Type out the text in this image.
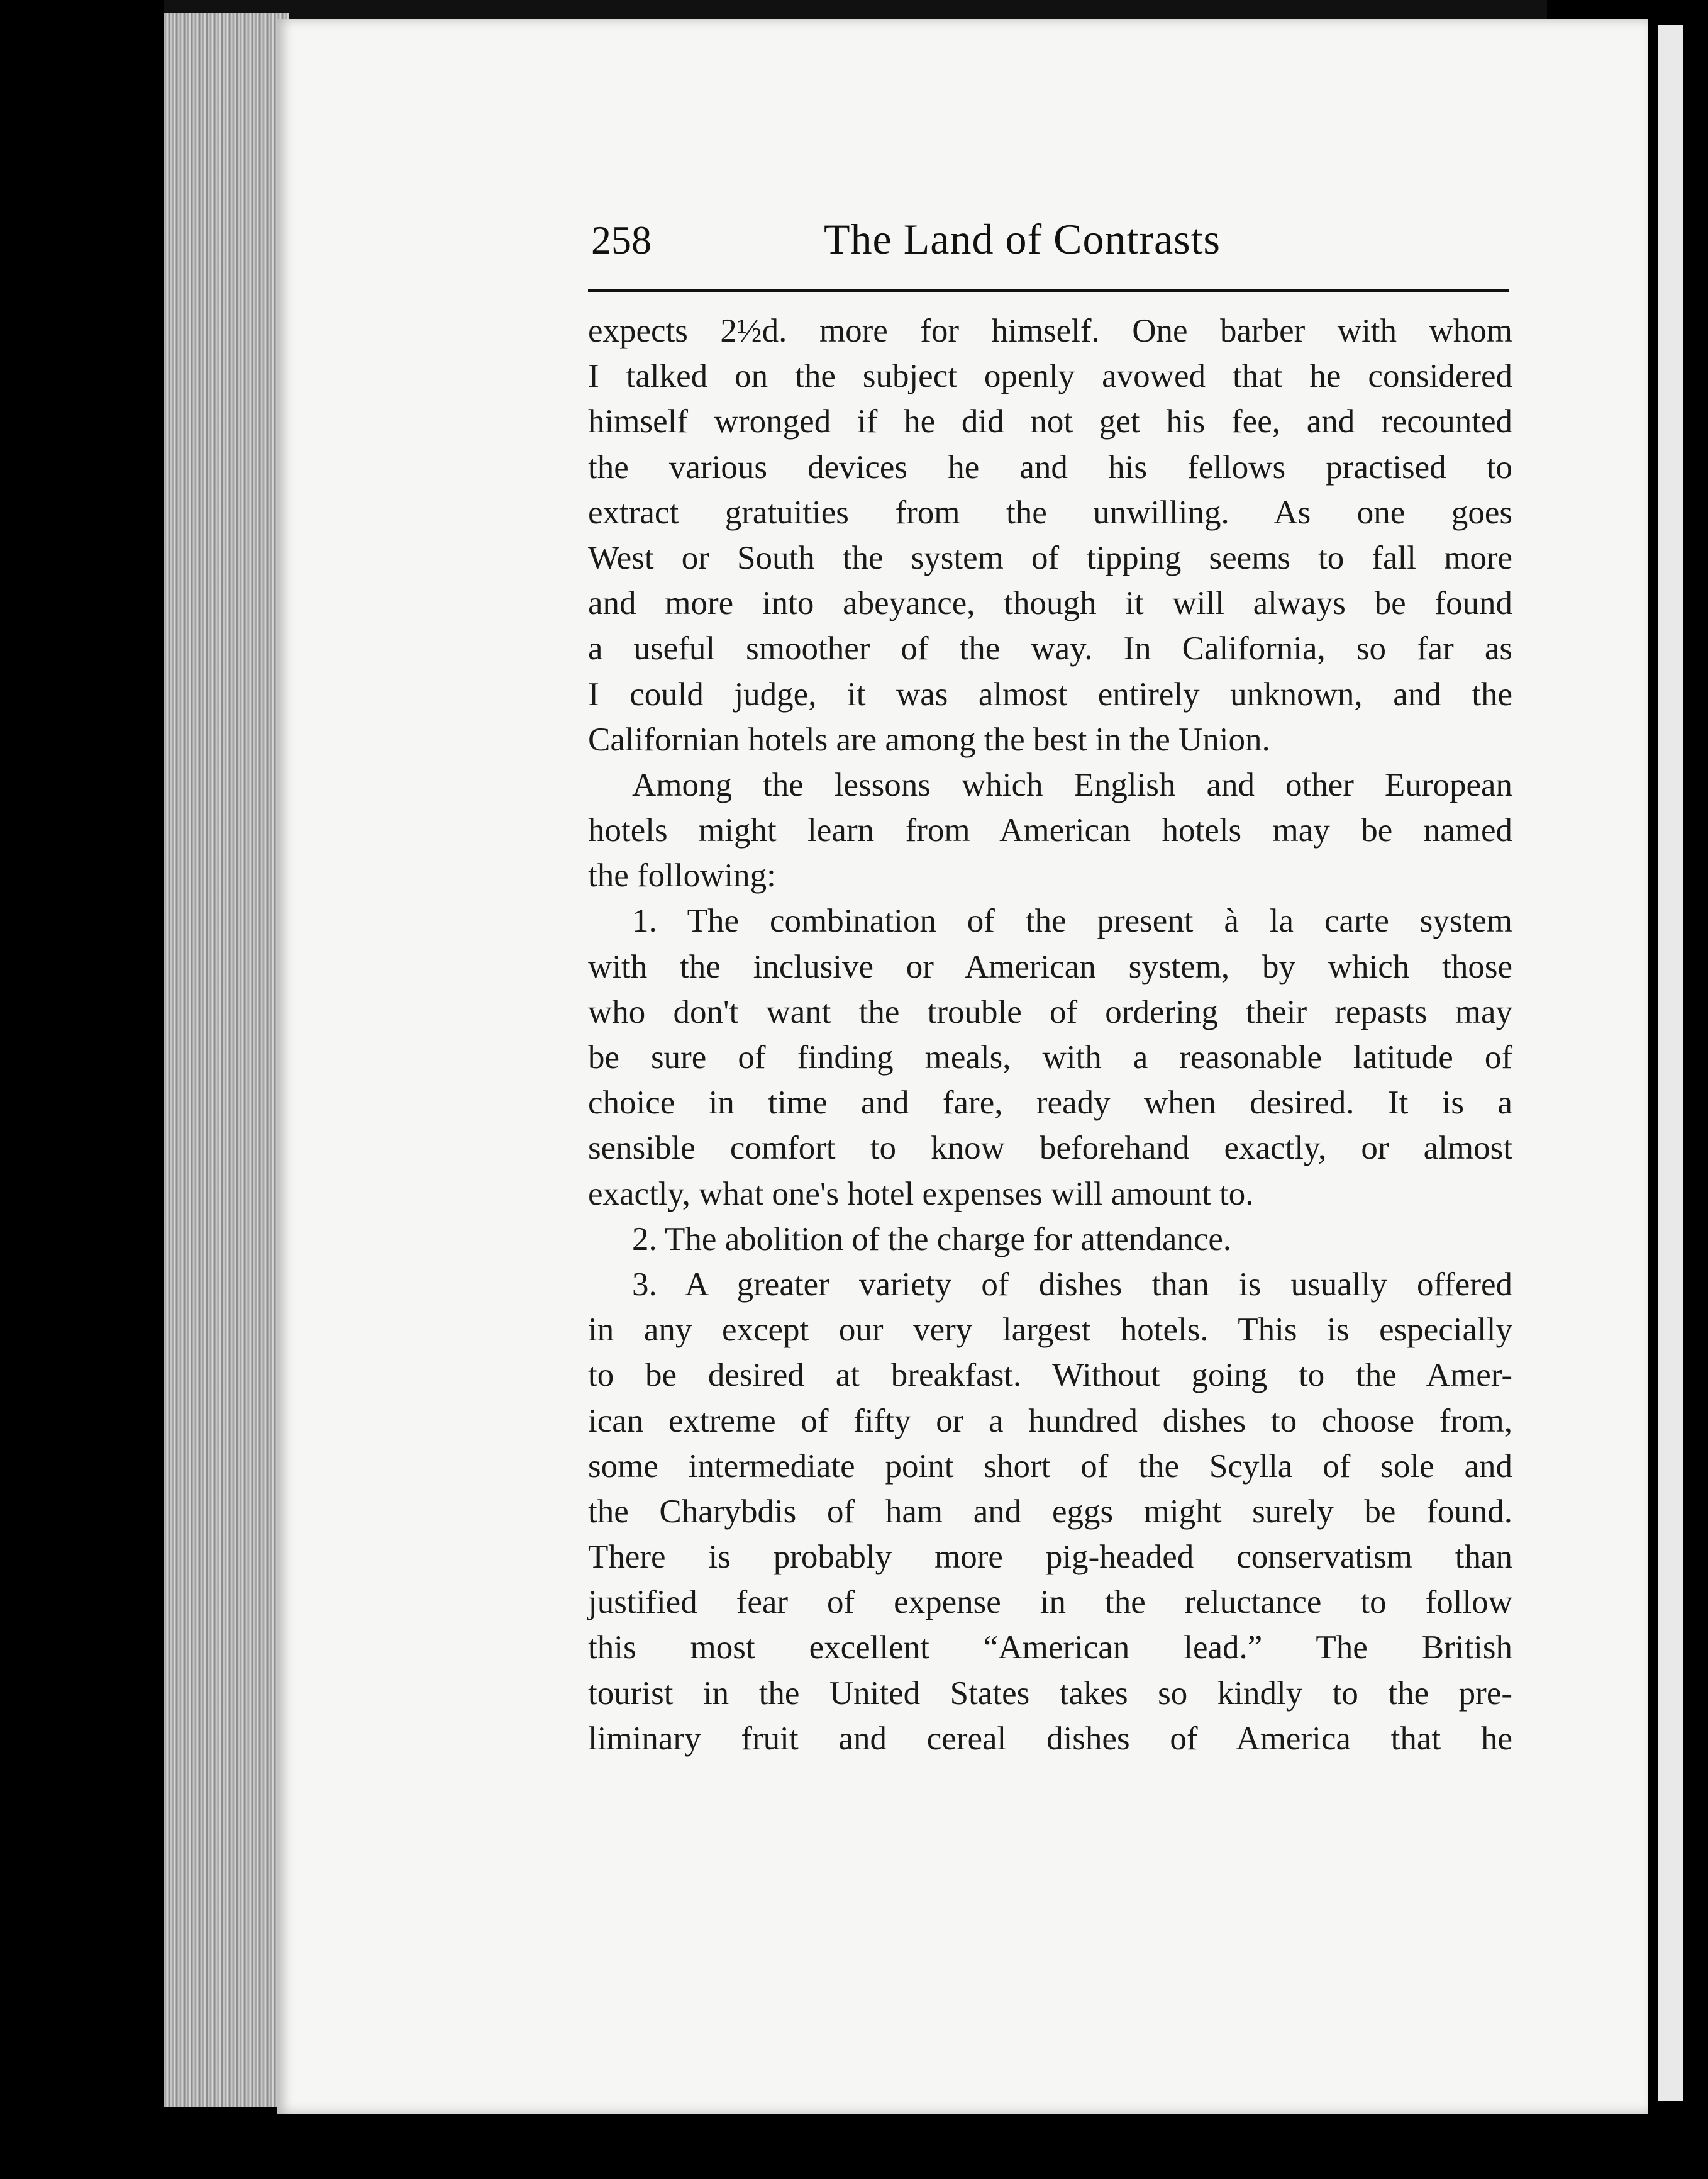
258	The Land of Contrasts
expects 2½d. more for himself. One barber with whom
I talked on the subject openly avowed that he considered
himself wronged if he did not get his fee, and recounted
the various devices he and his fellows practised to
extract gratuities from the unwilling. As one goes
West or South the system of tipping seems to fall more
and more into abeyance, though it will always be found
a useful smoother of the way. In California, so far as
I could judge, it was almost entirely unknown, and the
Californian hotels are among the best in the Union.
Among the lessons which English and other European
hotels might learn from American hotels may be named
the following:
1. The combination of the present à la carte system
with the inclusive or American system, by which those
who don't want the trouble of ordering their repasts may
be sure of finding meals, with a reasonable latitude of
choice in time and fare, ready when desired. It is a
sensible comfort to know beforehand exactly, or almost
exactly, what one's hotel expenses will amount to.
2. The abolition of the charge for attendance.
3. A greater variety of dishes than is usually offered
in any except our very largest hotels. This is especially
to be desired at breakfast. Without going to the Amer-
ican extreme of fifty or a hundred dishes to choose from,
some intermediate point short of the Scylla of sole and
the Charybdis of ham and eggs might surely be found.
There is probably more pig-headed conservatism than
justified fear of expense in the reluctance to follow
this most excellent “American lead.” The British
tourist in the United States takes so kindly to the pre-
liminary fruit and cereal dishes of America that he
